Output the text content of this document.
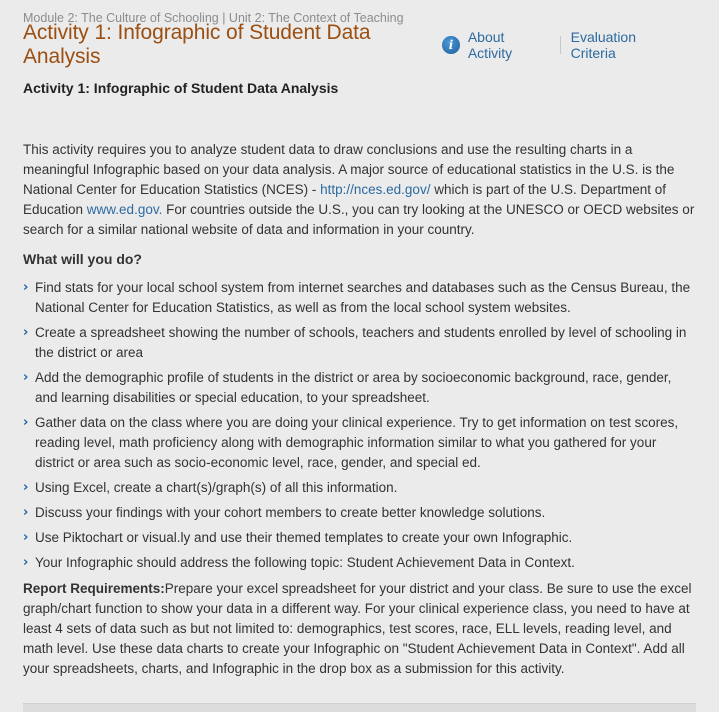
Module 2: The Culture of Schooling | Unit 2: The Context of Teaching
Activity 1: Infographic of Student Data Analysis	i	About Activity
Evaluation Criteria
Activity 1: Infographic of Student Data Analysis

This activity requires you to analyze student data to draw conclusions and use the resulting charts in a meaningful Infographic based on your data analysis. A major source of educational statistics in the U.S. is the National Center for Education Statistics (NCES) - http://nces.ed.gov/ which is part of the U.S. Department of Education www.ed.gov. For countries outside the U.S., you can try looking at the UNESCO or OECD websites or search for a similar national website of data and information in your country.

What will you do?
› Find stats for your local school system from internet searches and databases such as the Census Bureau, the National Center for Education Statistics, as well as from the local school system websites.
› Create a spreadsheet showing the number of schools, teachers and students enrolled by level of schooling in the district or area
› Add the demographic profile of students in the district or area by socioeconomic background, race, gender, and learning disabilities or special education, to your spreadsheet.
› Gather data on the class where you are doing your clinical experience. Try to get information on test scores, reading level, math proficiency along with demographic information similar to what you gathered for your district or area such as socio-economic level, race, gender, and special ed.
› Using Excel, create a chart(s)/graph(s) of all this information.
› Discuss your findings with your cohort members to create better knowledge solutions.
› Use Piktochart or visual.ly and use their themed templates to create your own Infographic.
› Your Infographic should address the following topic: Student Achievement Data in Context.

Report Requirements:Prepare your excel spreadsheet for your district and your class. Be sure to use the excel graph/chart function to show your data in a different way. For your clinical experience class, you need to have at least 4 sets of data such as but not limited to: demographics, test scores, race, ELL levels, reading level, and math level. Use these data charts to create your Infographic on "Student Achievement Data in Context". Add all your spreadsheets, charts, and Infographic in the drop box as a submission for this activity.
